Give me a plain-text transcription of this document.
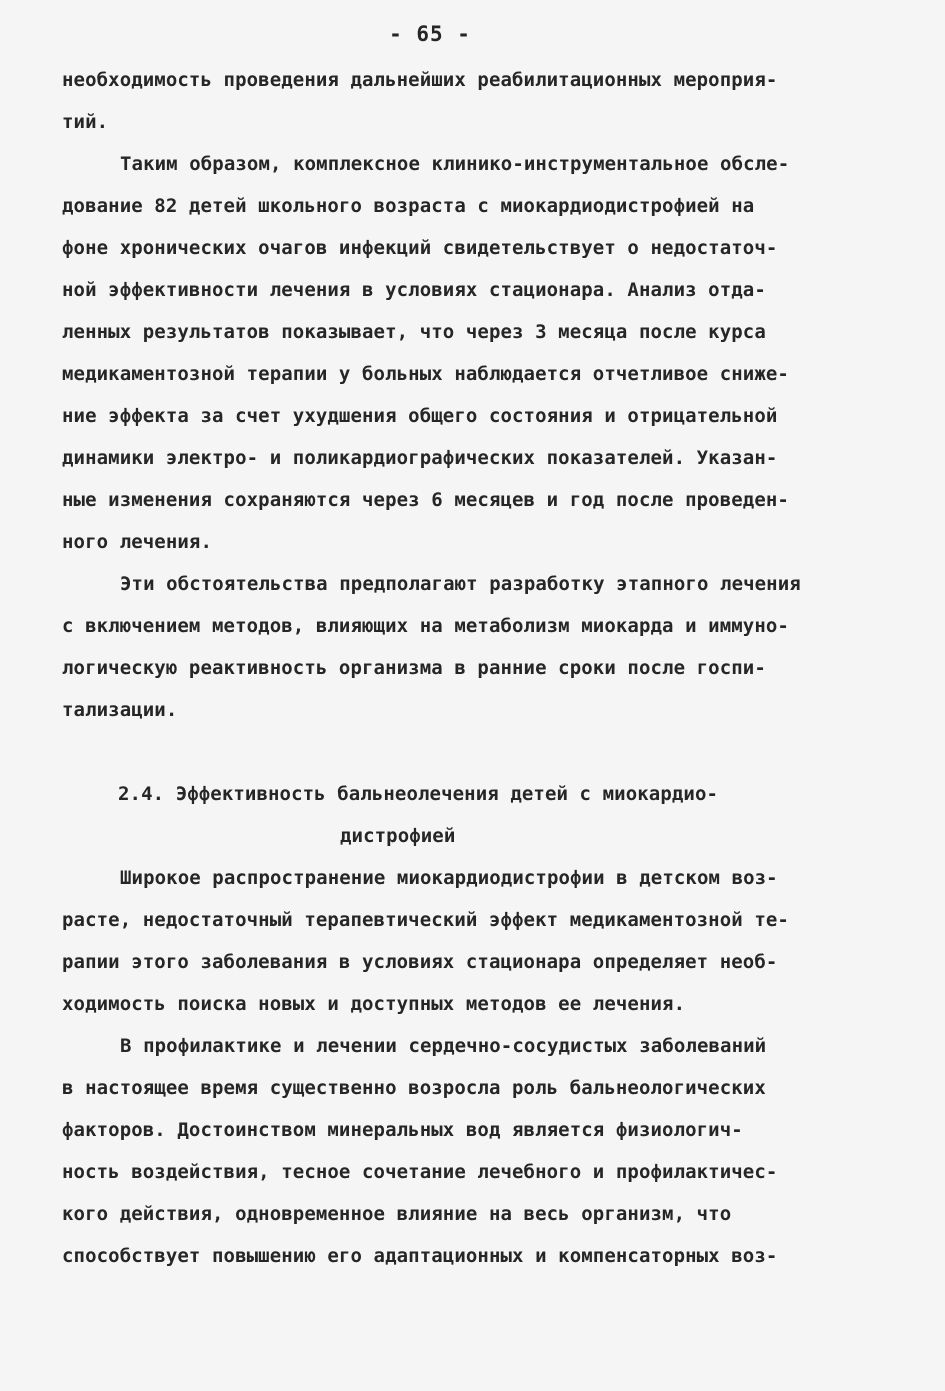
- 65 -
необходимость проведения дальнейших реабилитационных мероприя-
тий.
Таким образом, комплексное клинико-инструментальное обсле-
дование 82 детей школьного возраста с миокардиодистрофией на
фоне хронических очагов инфекций свидетельствует о недостаточ-
ной эффективности лечения в условиях стационара. Анализ отда-
ленных результатов показывает, что через 3 месяца после курса
медикаментозной терапии у больных наблюдается отчетливое сниже-
ние эффекта за счет ухудшения общего состояния и отрицательной
динамики электро- и поликардиографических показателей. Указан-
ные изменения сохраняются через 6 месяцев и год после проведен-
ного лечения.
Эти обстоятельства предполагают разработку этапного лечения
с включением методов, влияющих на метаболизм миокарда и иммуно-
логическую реактивность организма в ранние сроки после госпи-
тализации.
2.4. Эффективность бальнеолечения детей с миокардио-
дистрофией
Широкое распространение миокардиодистрофии в детском воз-
расте, недостаточный терапевтический эффект медикаментозной те-
рапии этого заболевания в условиях стационара определяет необ-
ходимость поиска новых и доступных методов ее лечения.
В профилактике и лечении сердечно-сосудистых заболеваний
в настоящее время существенно возросла роль бальнеологических
факторов. Достоинством минеральных вод является физиологич-
ность воздействия, тесное сочетание лечебного и профилактичес-
кого действия, одновременное влияние на весь организм, что
способствует повышению его адаптационных и компенсаторных воз-
